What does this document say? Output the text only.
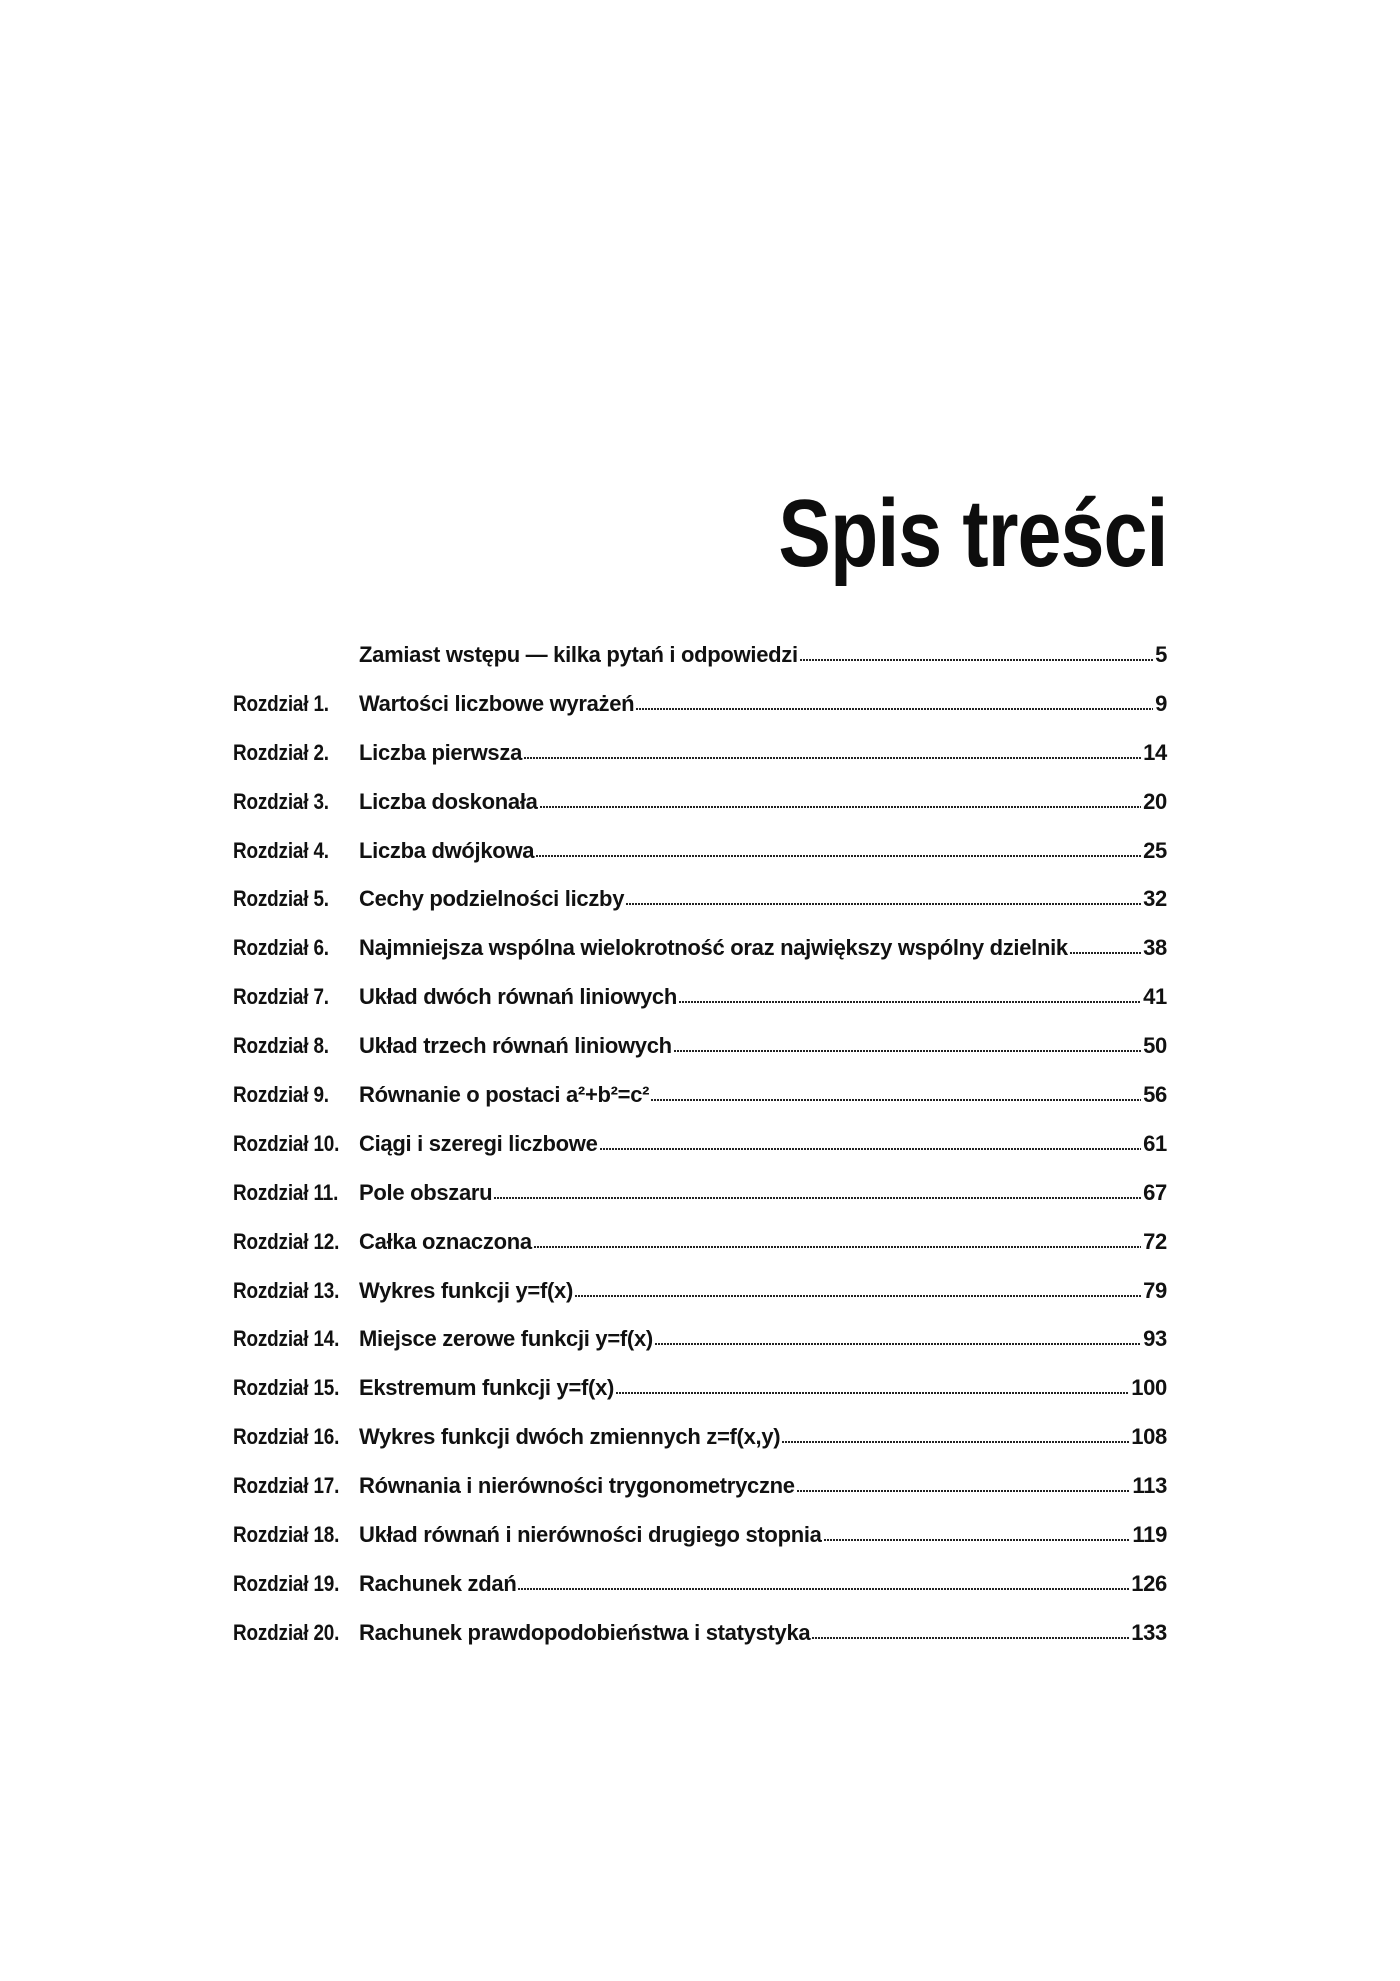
Spis treści
Zamiast wstępu — kilka pytań i odpowiedzi	5
Rozdział 1.	Wartości liczbowe wyrażeń	9
Rozdział 2.	Liczba pierwsza	14
Rozdział 3.	Liczba doskonała	20
Rozdział 4.	Liczba dwójkowa	25
Rozdział 5.	Cechy podzielności liczby	32
Rozdział 6.	Najmniejsza wspólna wielokrotność oraz największy wspólny dzielnik	38
Rozdział 7.	Układ dwóch równań liniowych	41
Rozdział 8.	Układ trzech równań liniowych	50
Rozdział 9.	Równanie o postaci a²+b²=c²	56
Rozdział 10. Ciągi i szeregi liczbowe	61
Rozdział 11. Pole obszaru	67
Rozdział 12. Całka oznaczona	72
Rozdział 13. Wykres funkcji y=f(x)	79
Rozdział 14. Miejsce zerowe funkcji y=f(x)	93
Rozdział 15. Ekstremum funkcji y=f(x)	100
Rozdział 16. Wykres funkcji dwóch zmiennych z=f(x,y)	108
Rozdział 17. Równania i nierówności trygonometryczne	113
Rozdział 18. Układ równań i nierówności drugiego stopnia	119
Rozdział 19. Rachunek zdań	126
Rozdział 20. Rachunek prawdopodobieństwa i statystyka	133
